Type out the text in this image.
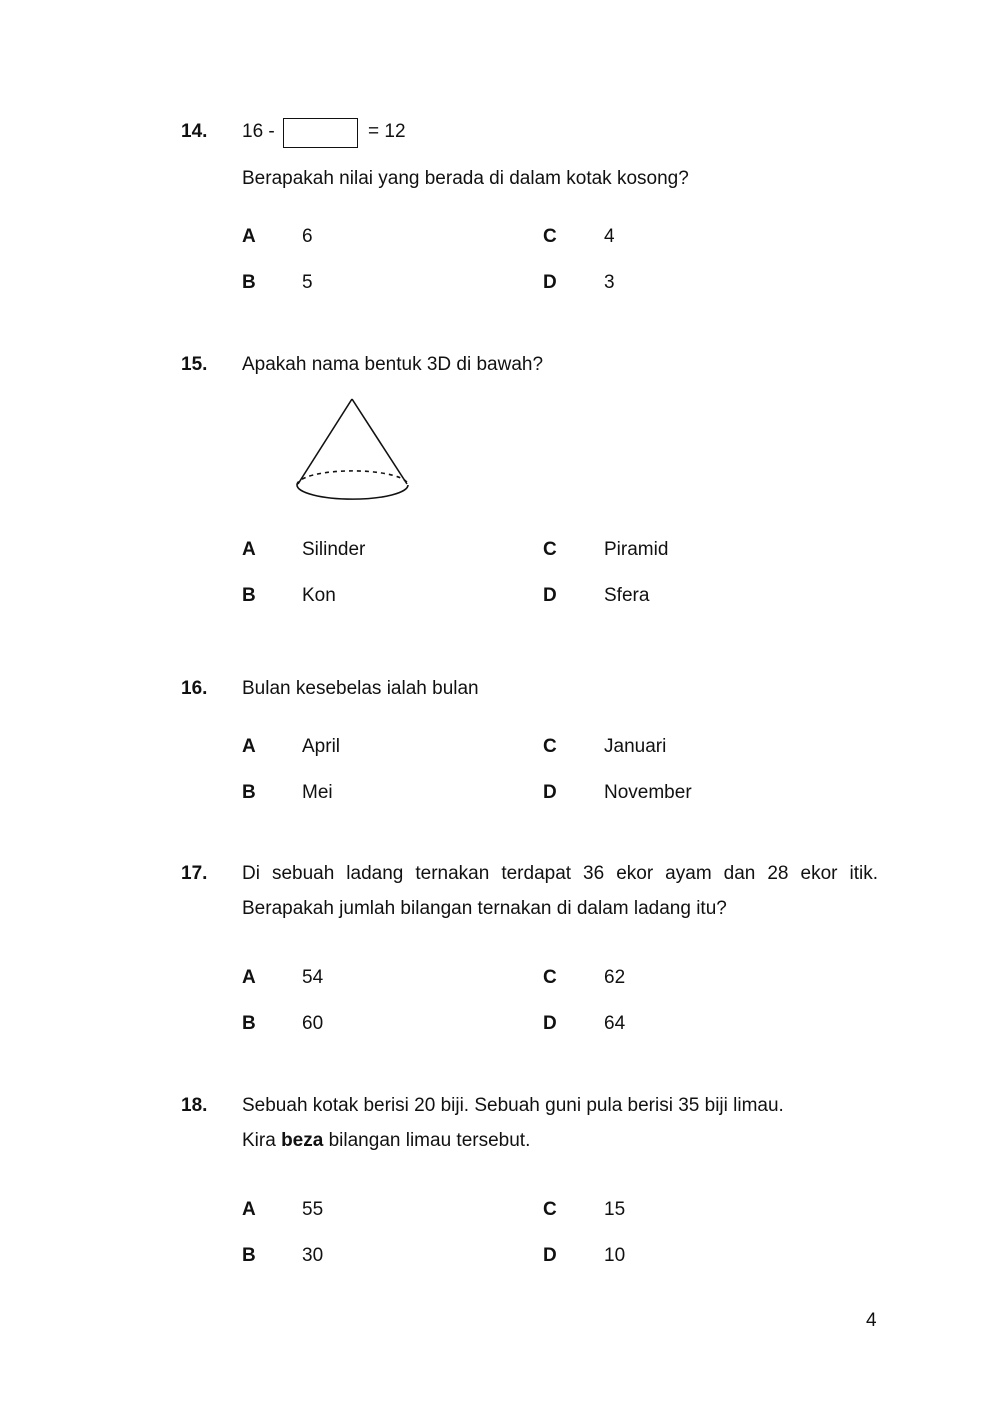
14. 16 -	= 12
Berapakah nilai yang berada di dalam kotak kosong?
A 6
B 5
C 4
D 3
15. Apakah nama bentuk 3D di bawah?
A Silinder
B Kon
C Piramid
D Sfera
16. Bulan kesebelas ialah bulan
A April
B Mei
C Januari
D November
17. Di sebuah ladang ternakan terdapat 36 ekor ayam dan 28 ekor itik.
Berapakah jumlah bilangan ternakan di dalam ladang itu?
A 54
B 60
C 62
D 64
18. Sebuah kotak berisi 20 biji. Sebuah guni pula berisi 35 biji limau.
Kira beza bilangan limau tersebut.
A 55
B 30
C 15
D 10
4
